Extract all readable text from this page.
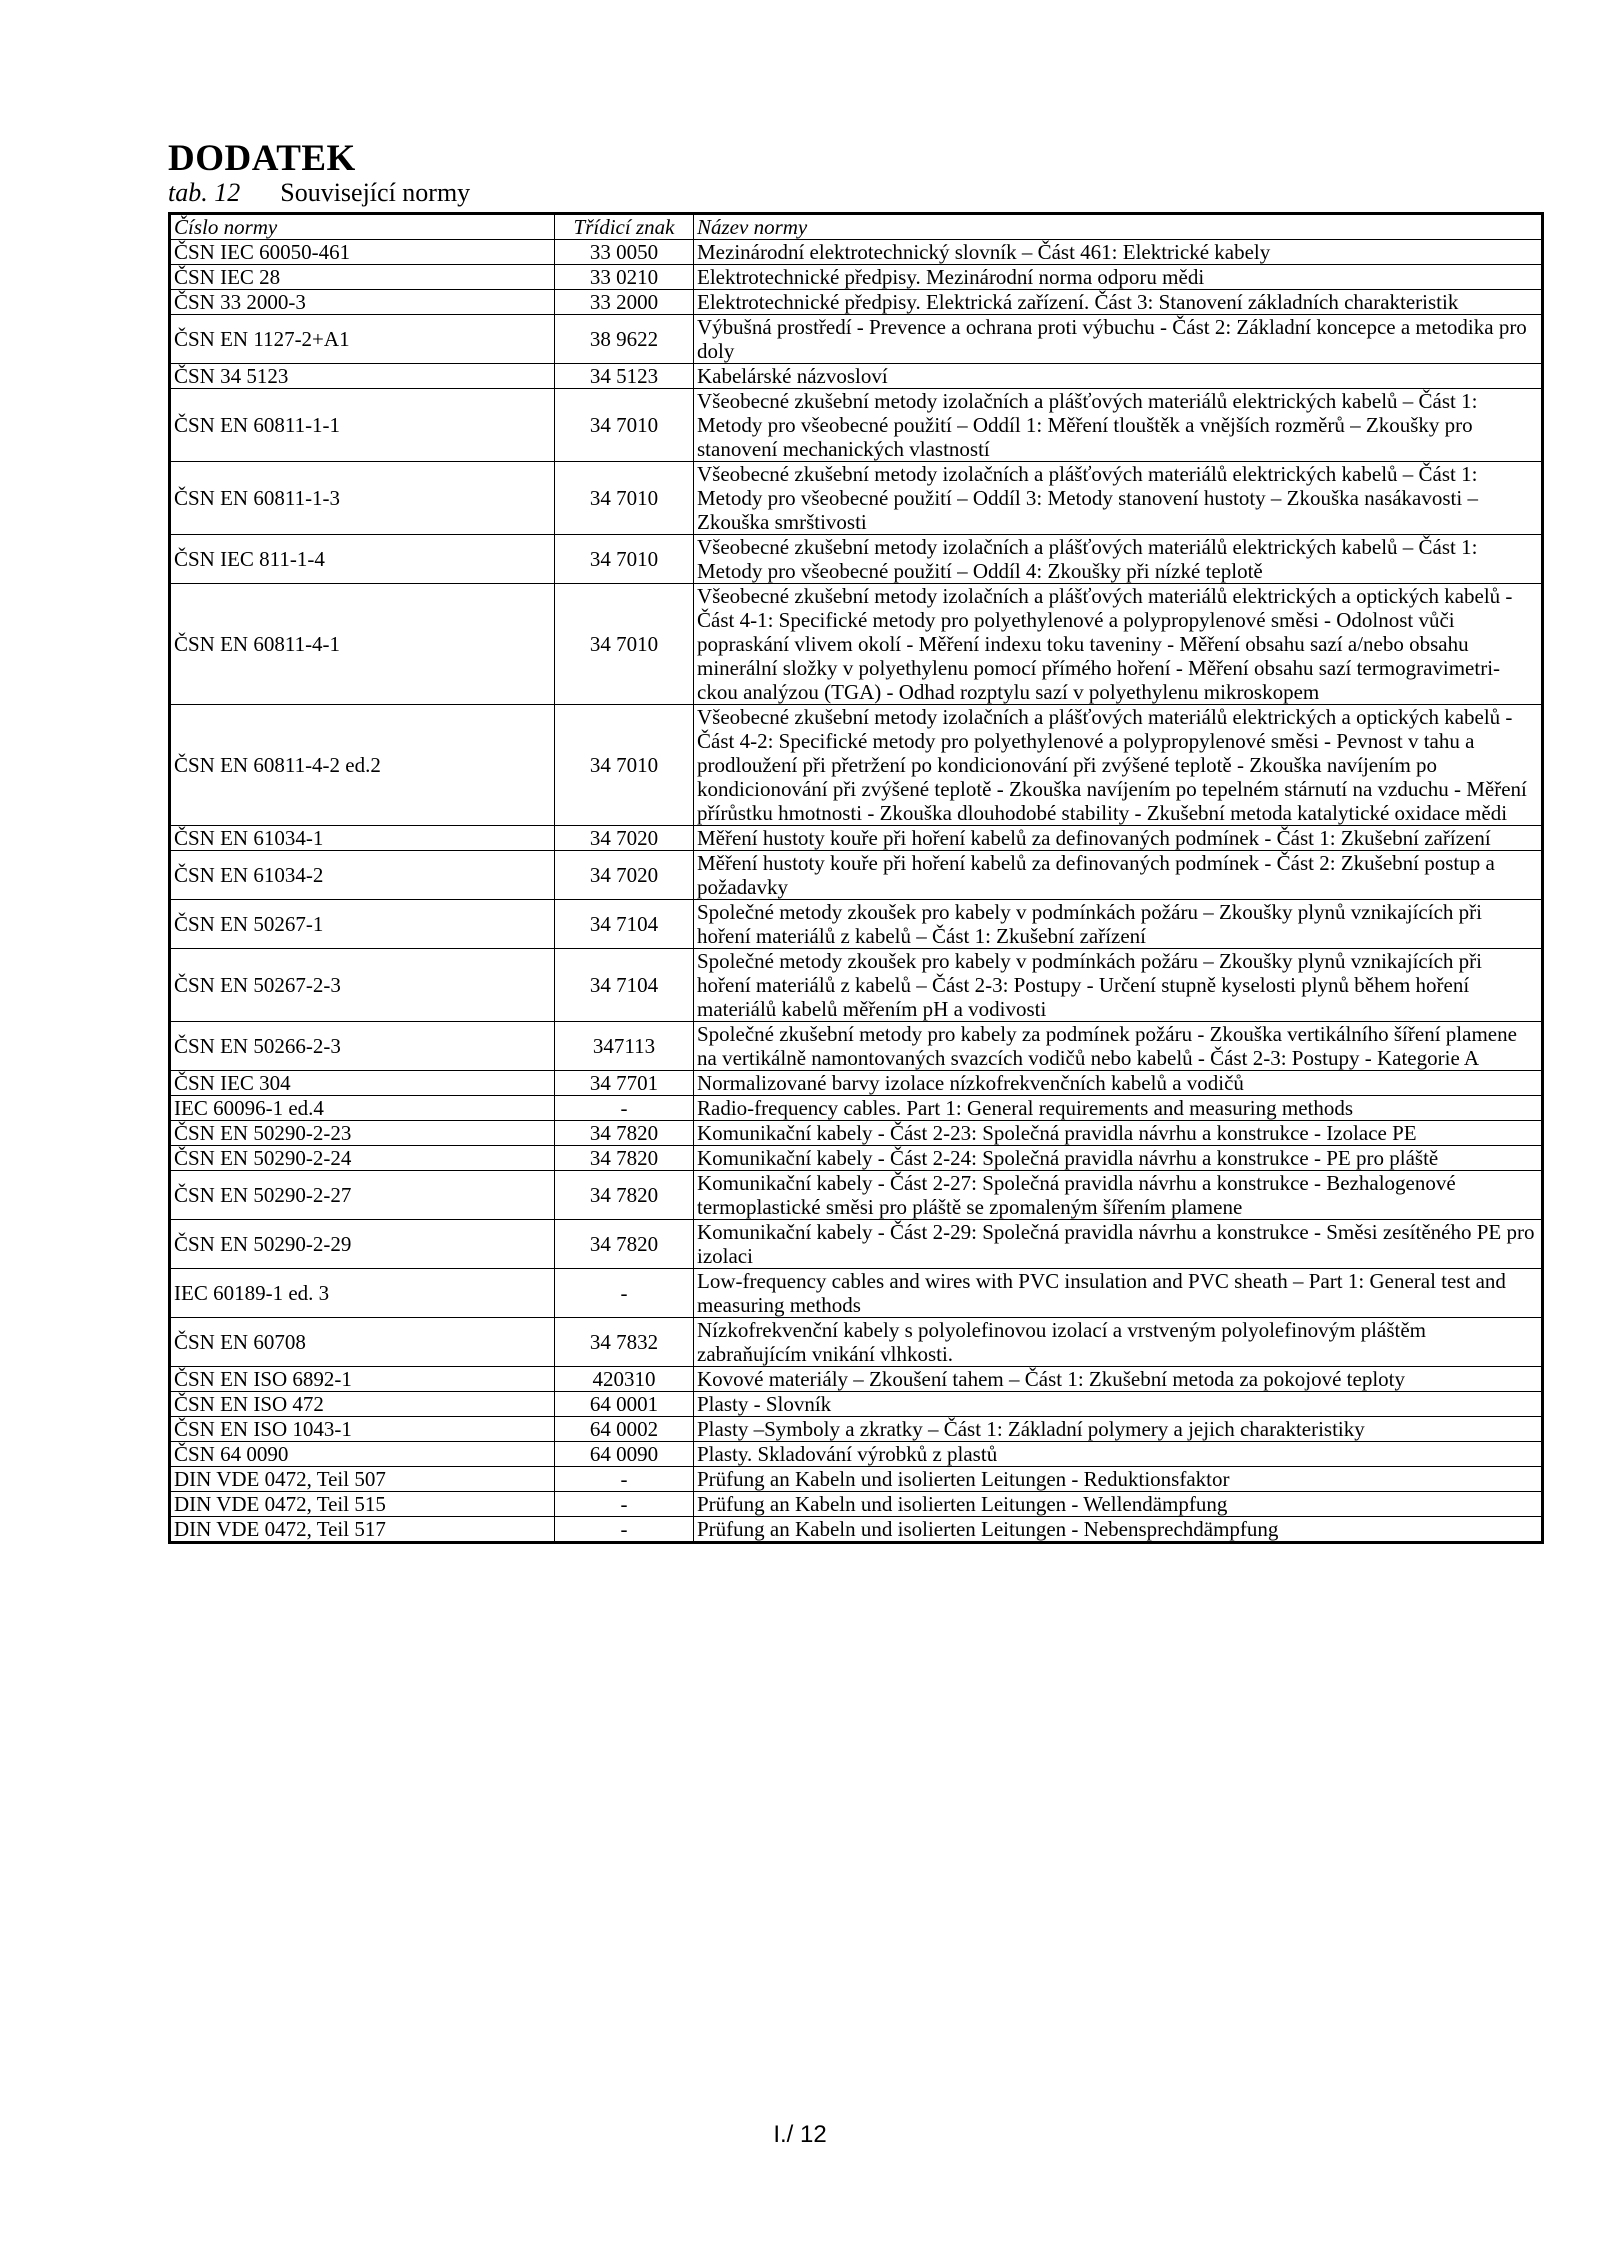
DODATEK

tab. 12 Související normy

Číslo normy	Třídicí znak	Název normy
ČSN IEC 60050-461	33 0050	Mezinárodní elektrotechnický slovník – Část 461: Elektrické kabely
ČSN IEC 28	33 0210	Elektrotechnické předpisy. Mezinárodní norma odporu mědi
ČSN 33 2000-3	33 2000	Elektrotechnické předpisy. Elektrická zařízení. Část 3: Stanovení základních charakteristik
ČSN EN 1127-2+A1	38 9622	Výbušná prostředí - Prevence a ochrana proti výbuchu - Část 2: Základní koncepce a metodika pro doly
ČSN 34 5123	34 5123	Kabelárské názvosloví
ČSN EN 60811-1-1	34 7010	Všeobecné zkušební metody izolačních a plášťových materiálů elektrických kabelů – Část 1: Metody pro všeobecné použití – Oddíl 1: Měření tlouštěk a vnějších rozměrů – Zkoušky pro stanovení mechanických vlastností
ČSN EN 60811-1-3	34 7010	Všeobecné zkušební metody izolačních a plášťových materiálů elektrických kabelů – Část 1: Metody pro všeobecné použití – Oddíl 3: Metody stanovení hustoty – Zkouška nasákavosti – Zkouška smrštivosti
ČSN IEC 811-1-4	34 7010	Všeobecné zkušební metody izolačních a plášťových materiálů elektrických kabelů – Část 1: Metody pro všeobecné použití – Oddíl 4: Zkoušky při nízké teplotě
ČSN EN 60811-4-1	34 7010	Všeobecné zkušební metody izolačních a plášťových materiálů elektrických a optických kabelů - Část 4-1: Specifické metody pro polyethylenové a polypropylenové směsi - Odolnost vůči popraskání vlivem okolí - Měření indexu toku taveniny - Měření obsahu sazí a/nebo obsahu minerální složky v polyethylenu pomocí přímého hoření - Měření obsahu sazí termogravimetri-ckou analýzou (TGA) - Odhad rozptylu sazí v polyethylenu mikroskopem
ČSN EN 60811-4-2 ed.2	34 7010	Všeobecné zkušební metody izolačních a plášťových materiálů elektrických a optických kabelů - Část 4-2: Specifické metody pro polyethylenové a polypropylenové směsi - Pevnost v tahu a prodloužení při přetržení po kondicionování při zvýšené teplotě - Zkouška navíjením po kondicionování při zvýšené teplotě - Zkouška navíjením po tepelném stárnutí na vzduchu - Měření přírůstku hmotnosti - Zkouška dlouhodobé stability - Zkušební metoda katalytické oxidace mědi
ČSN EN 61034-1	34 7020	Měření hustoty kouře při hoření kabelů za definovaných podmínek - Část 1: Zkušební zařízení
ČSN EN 61034-2	34 7020	Měření hustoty kouře při hoření kabelů za definovaných podmínek - Část 2: Zkušební postup a požadavky
ČSN EN 50267-1	34 7104	Společné metody zkoušek pro kabely v podmínkách požáru – Zkoušky plynů vznikajících při hoření materiálů z kabelů – Část 1: Zkušební zařízení
ČSN EN 50267-2-3	34 7104	Společné metody zkoušek pro kabely v podmínkách požáru – Zkoušky plynů vznikajících při hoření materiálů z kabelů – Část 2-3: Postupy - Určení stupně kyselosti plynů během hoření materiálů kabelů měřením pH a vodivosti
ČSN EN 50266-2-3	347113	Společné zkušební metody pro kabely za podmínek požáru - Zkouška vertikálního šíření plamene na vertikálně namontovaných svazcích vodičů nebo kabelů - Část 2-3: Postupy - Kategorie A
ČSN IEC 304	34 7701	Normalizované barvy izolace nízkofrekvenčních kabelů a vodičů
IEC 60096-1 ed.4	-	Radio-frequency cables. Part 1: General requirements and measuring methods
ČSN EN 50290-2-23	34 7820	Komunikační kabely - Část 2-23: Společná pravidla návrhu a konstrukce - Izolace PE
ČSN EN 50290-2-24	34 7820	Komunikační kabely - Část 2-24: Společná pravidla návrhu a konstrukce - PE pro pláště
ČSN EN 50290-2-27	34 7820	Komunikační kabely - Část 2-27: Společná pravidla návrhu a konstrukce - Bezhalogenové termoplastické směsi pro pláště se zpomaleným šířením plamene
ČSN EN 50290-2-29	34 7820	Komunikační kabely - Část 2-29: Společná pravidla návrhu a konstrukce - Směsi zesítěného PE pro izolaci
IEC 60189-1 ed. 3	-	Low-frequency cables and wires with PVC insulation and PVC sheath – Part 1: General test and measuring methods
ČSN EN 60708	34 7832	Nízkofrekvenční kabely s polyolefinovou izolací a vrstveným polyolefinovým pláštěm zabraňujícím vnikání vlhkosti.
ČSN EN ISO 6892-1	420310	Kovové materiály – Zkoušení tahem – Část 1: Zkušební metoda za pokojové teploty
ČSN EN ISO 472	64 0001	Plasty - Slovník
ČSN EN ISO 1043-1	64 0002	Plasty –Symboly a zkratky – Část 1: Základní polymery a jejich charakteristiky
ČSN 64 0090	64 0090	Plasty. Skladování výrobků z plastů
DIN VDE 0472, Teil 507	-	Prüfung an Kabeln und isolierten Leitungen - Reduktionsfaktor
DIN VDE 0472, Teil 515	-	Prüfung an Kabeln und isolierten Leitungen - Wellendämpfung
DIN VDE 0472, Teil 517	-	Prüfung an Kabeln und isolierten Leitungen - Nebensprechdämpfung
I./ 12
